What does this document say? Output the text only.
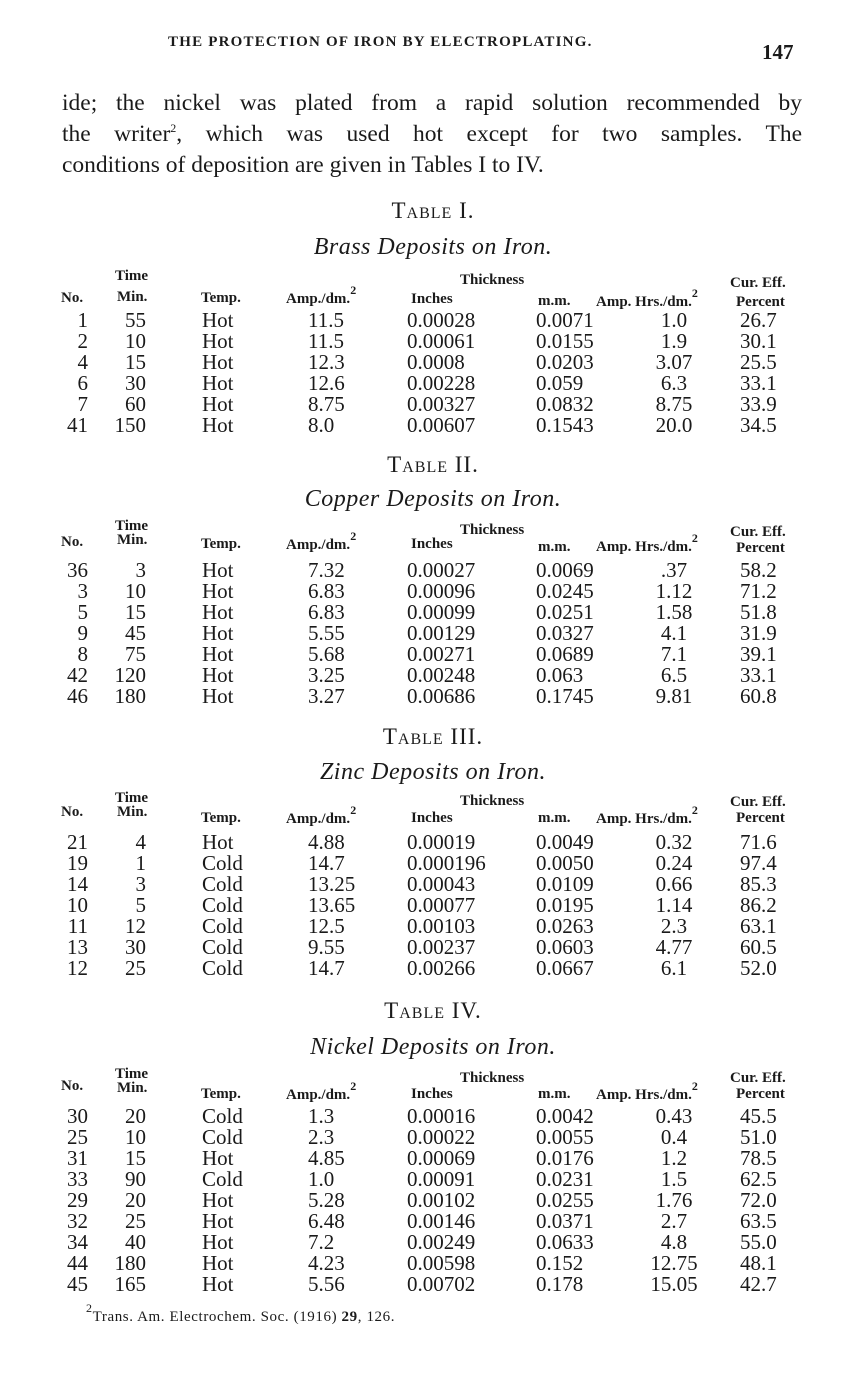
THE PROTECTION OF IRON BY ELECTROPLATING.	147
ide; the nickel was plated from a rapid solution recommended by
the writer$^2$, which was used hot except for two samples. The
conditions of deposition are given in Tables I to IV.
Table I.
Brass Deposits on Iron.
Time	Thickness	Cur. Eff.
No. Min.	Temp.	Amp./dm.$^2$
Inches	m.m. Amp. Hrs./dm.$^2$
Percent
1	55	Hot	11.5	0.00028	0.0071	1.0	26.7
2	10	Hot	11.5	0.00061	0.0155	1.9	30.1
4	15	Hot	12.3	0.0008	0.0203	3.07	25.5
6	30	Hot	12.6	0.00228	0.059	6.3	33.1
7	60	Hot	8.75	0.00327	0.0832	8.75	33.9
41 150	Hot	8.0	0.00607	0.1543	20.0	34.5
Table II.
Copper Deposits on Iron.
Time	Thickness	Cur. Eff.
No. Min.	Temp.	Amp./dm.$^2$	Inches	m.m. Amp. Hrs./dm.$^2$
Percent
36	3	Hot	7.32	0.00027	0.0069	.37	58.2
3	10	Hot	6.83	0.00096	0.0245	1.12	71.2
5	15	Hot	6.83	0.00099	0.0251	1.58	51.8
9	45	Hot	5.55	0.00129	0.0327	4.1	31.9
8	75	Hot	5.68	0.00271	0.0689	7.1	39.1
42 120	Hot	3.25	0.00248	0.063	6.5	33.1
46 180	Hot	3.27	0.00686	0.1745	9.81	60.8
Table III.
Zinc Deposits on Iron.
Time	Thickness	Cur. Eff.
No. Min.	Temp.	Amp./dm.$^2$	Inches	m.m. Amp. Hrs./dm.$^2$	Percent
21	4	Hot	4.88	0.00019	0.0049	0.32	71.6
19	1	Cold	14.7	0.000196 0.0050	0.24	97.4
14	3	Cold	13.25 0.00043	0.0109	0.66	85.3
10	5	Cold	13.65 0.00077	0.0195	1.14	86.2
11	12	Cold	12.5	0.00103	0.0263	2.3	63.1
13	30	Cold	9.55	0.00237	0.0603	4.77	60.5
12	25	Cold	14.7	0.00266	0.0667	6.1	52.0
Table IV.
Nickel Deposits on Iron.
Time	Thickness	Cur. Eff.
No. Min.	Temp.	Amp./dm.$^2$	Inches	m.m. Amp. Hrs./dm.$^2$	Percent
30	20	Cold	1.3	0.00016	0.0042	0.43	45.5
25	10	Cold	2.3	0.00022	0.0055	0.4	51.0
31	15	Hot	4.85	0.00069	0.0176	1.2	78.5
33	90	Cold	1.0	0.00091	0.0231	1.5	62.5
29	20	Hot	5.28	0.00102	0.0255	1.76	72.0
32	25	Hot	6.48	0.00146	0.0371	2.7	63.5
34	40	Hot	7.2	0.00249	0.0633	4.8	55.0
44 180	Hot	4.23	0.00598	0.152	12.75	48.1
45 165	Hot	5.56	0.00702	0.178	15.05	42.7
$^2$Trans. Am. Electrochem. Soc. (1916) 29, 126.
